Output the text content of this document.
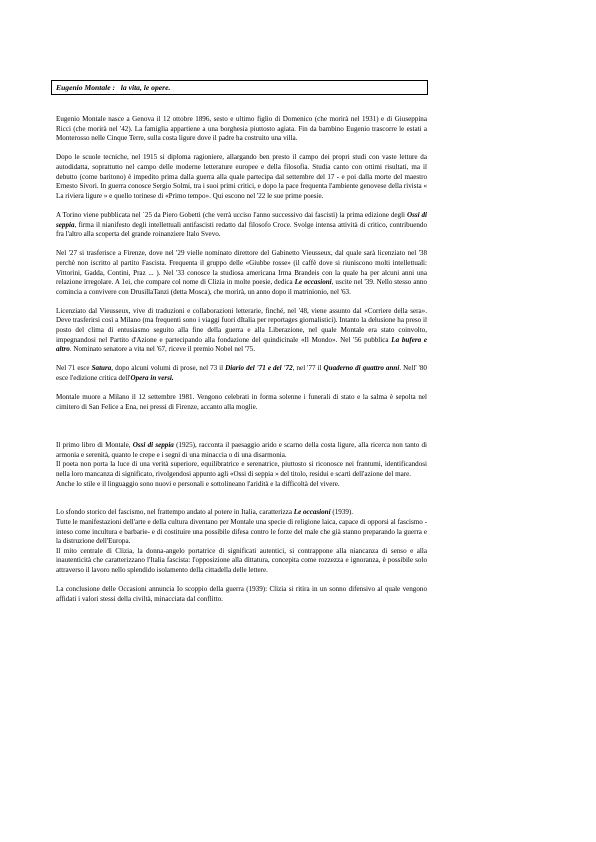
Eugenio Montale : la vita, le opere.

Eugenio Montale nasce a Genova il 12 ottobre 1896, sesto e ultimo figlio di Domenico (che morirà nel 1931) e di Giuseppina Ricci (che morirà nel '42). La famiglia appartiene a una borghesia piuttosto agiata. Fin da bambino Eugenio trascorre le estati a Monterosso nelle Cinque Terre, sulla costa ligure dove il padre ha costruito una villa.

Dopo le scuole tecniche, nel 1915 si diploma ragioniere, allargando ben presto il campo dei propri studi con vaste letture da autodidatta, soprattutto nel campo delle moderne letterature europee e della filosofia. Studia canto con ottimi risultati, ma il debutto (come baritono) è impedito prima dalla guerra alla quale partecipa dal settembre del 17 - e poi dalla morte del maestro Ernesto Sivori. In guerra conosce Sergio Solmi, tra i suoi primi critici, e dopo la pace frequenta l'ambiente genovese della rivista « La riviera ligure » e quello torinese di «Primo tempo». Qui escono nel '22 le sue prime poesie.

A Torino viene pubblicata nel `25 da Piero Gobetti (che verrà ucciso l'anno successivo dai fascisti) la prima edizione degli Ossi di seppia, firma il nianifesto degli intellettuali antifascisti redatto dal filosofo Croce. Svolge intensa attività di critico, contribuendo fra l'altro alla scoperta del grande roinanziere Italo Svevo.

Nel '27 si trasferisce a Firenze, dove nel '29 vielle nominato direttore del Gabinetto Vieusseux, dal quale sarà licenziato nel '38 perchè non iscritto al partito Fascista. Frequenta il gruppo delle «Giubbe rosse» (il caffè dove si riuniscono molti intellettuali: Vittorini, Gadda, Contini, Praz ... ). Nel '33 conosce la studiosa americana Irma Brandeis con la quale ha per alcuni anni una relazione irregolare. A 1ei, che compare col nome di Clizia in molte poesie, dedica Le occasioni, uscite nel '39. Nello stesso anno comincia a convivere con DrusillaTanzi (detta Mosca), che morirà, un anno dopo il matrinionio, nel '63.

Licenziato dal Vieusseux, vive di traduzioni e collaborazioni letterarie, finché, nel '48, viene assunto dal «Corriere della sera». Deve trasferirsi così a Milano (ma frequenti sono i viaggi fuori dItalia per reportages giornalistici). Intanto la delusione ha preso il posto del clima di entusiasmo seguito alla fine della guerra e alla Liberazione, nel quale Montale era stato coinvolto, impegnandosi nel Partito d'Azione e partecipando alla fondazione del quindicinale «Il Mondo». Nel '56 pubblica La bufera e altro. Nominato senatore a vita nel '67, riceve il premio Nobel nel '75.

Nel 71 esce Satura, dopo alcuni volumi di prose, nel 73 il Diario del '71 e del '72, nel '77 il Quaderno di quattro anni. Nell' '80 esce l'edizione critica dell'Opera in versi.

Montale muore a Milano il 12 settembre 1981. Vengono celebrati in forma solenne i funerali di stato e la salma è sepolta nel cimitero di San Felice a Ena, nei pressi di Firenze, accanto alla moglie.

Il primo libro di Montale, Ossi di seppia (1925), racconta il paesaggio arido e scarno della costa ligure, alla ricerca non tanto di armonia e serenità, quanto le crepe e i segni di una minaccia o di una disarmonia.

Il poeta non porta la luce di una verità superiore, equilibratrice e serenatrice, piuttosto si riconosce nei frantumi, identificandosi nella loro mancanza di significato, rivolgendosi appunto agli «Ossi di seppia » del titolo, residui e scarti dell'azione del mare.

Anche lo stile e il linguaggio sono nuovi e personali e sottolineano l'aridità e la difficoltà del vivere.

Lo sfondo storico del fascismo, nel frattempo andato al potere in Italia, caratterizza Le occasioni (1939).

Tutte le manifestazioni dell'arte e della cultura diventano per Montale una specie di religione laica, capace di opporsi al fascismo - inteso come incultura e barbarie- e di costituire una possibile difesa contro le forze del male che già stanno preparando la guerra e la distruzione dell'Europa.

Il mito centrale di Clizia, la donna-angelo portatrice di significati autentici, si contrappone alla niancanza di senso e alla inautenticità che caratterizzano l'Italia fascista: l'opposizione alla dittatura, concepita come rozzezza e ignoranza, è possibile solo attraverso il lavoro nello splendido isolamento della cittadella delle lettere.

La conclusione delle Occasioni annuncia Io scoppio della guerra (1939): Clizia si ritira in un sonno difensivo al quale vengono affidati i valori stessi della civiltà, minacciata dal conflitto.
